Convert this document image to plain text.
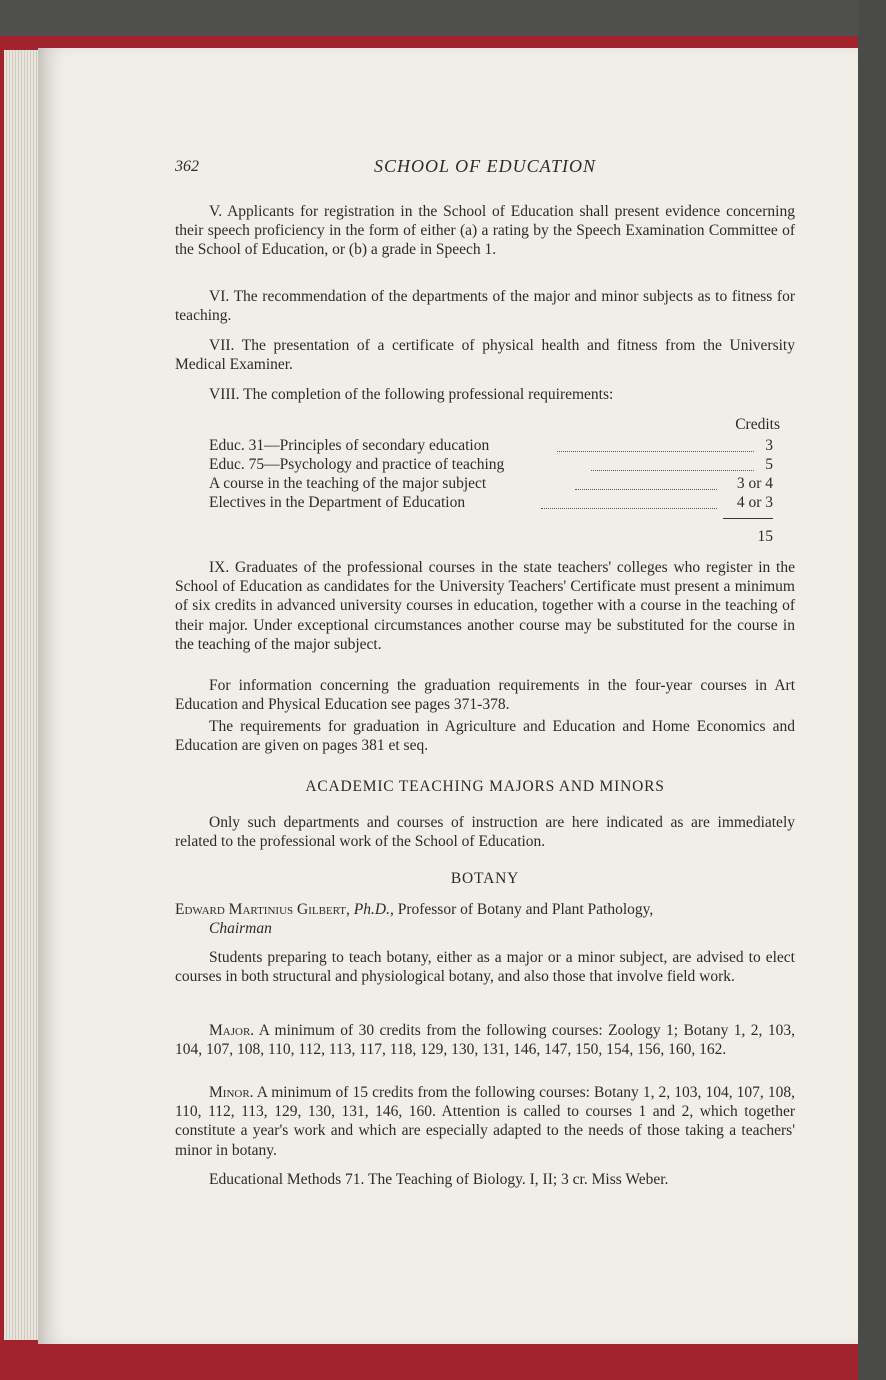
SCHOOL OF EDUCATION
362

V. Applicants for registration in the School of Education shall present evidence concerning their speech proficiency in the form of either (a) a rating by the Speech Examination Committee of the School of Education, or (b) a grade in Speech 1.

VI. The recommendation of the departments of the major and minor subjects as to fitness for teaching.

VII. The presentation of a certificate of physical health and fitness from the University Medical Examiner.

VIII. The completion of the following professional requirements:

Credits
Educ. 31—Principles of secondary education	3
Educ. 75—Psychology and practice of teaching	5
A course in the teaching of the major subject	3 or 4
Electives in the Department of Education	4 or 3
15

IX. Graduates of the professional courses in the state teachers' colleges who register in the School of Education as candidates for the University Teachers' Certificate must present a minimum of six credits in advanced university courses in education, together with a course in the teaching of their major. Under exceptional circumstances another course may be substituted for the course in the teaching of the major subject.

For information concerning the graduation requirements in the four-year courses in Art Education and Physical Education see pages 371-378.

The requirements for graduation in Agriculture and Education and Home Economics and Education are given on pages 381 et seq.

ACADEMIC TEACHING MAJORS AND MINORS

Only such departments and courses of instruction are here indicated as are immediately related to the professional work of the School of Education.

BOTANY

Edward Martinius Gilbert, Ph.D., Professor of Botany and Plant Pathology,

Chairman

Students preparing to teach botany, either as a major or a minor subject, are advised to elect courses in both structural and physiological botany, and also those that involve field work.

Major. A minimum of 30 credits from the following courses: Zoology 1; Botany 1, 2, 103, 104, 107, 108, 110, 112, 113, 117, 118, 129, 130, 131, 146, 147, 150, 154, 156, 160, 162.

Minor. A minimum of 15 credits from the following courses: Botany 1, 2, 103, 104, 107, 108, 110, 112, 113, 129, 130, 131, 146, 160. Attention is called to courses 1 and 2, which together constitute a year's work and which are especially adapted to the needs of those taking a teachers' minor in botany.

Educational Methods 71. The Teaching of Biology. I, II; 3 cr. Miss Weber.
